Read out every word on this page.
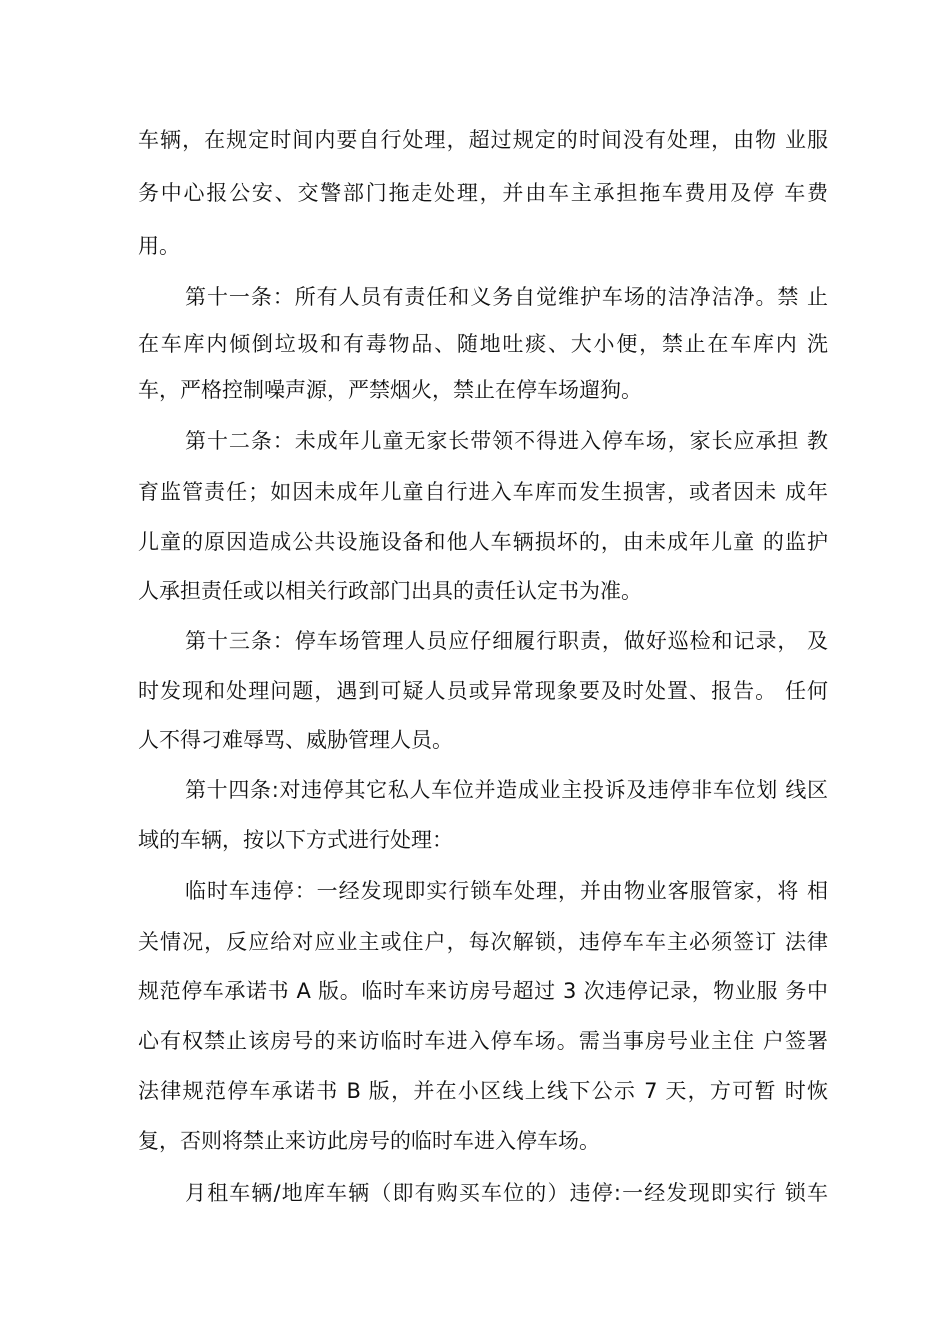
车辆，在规定时间内要自行处理，超过规定的时间没有处理，由物 业服
务中心报公安、交警部门拖走处理，并由车主承担拖车费用及停 车费
用。
第十一条：所有人员有责任和义务自觉维护车场的洁净洁净。禁 止
在车库内倾倒垃圾和有毒物品、随地吐痰、大小便，禁止在车库内 洗
车，严格控制噪声源，严禁烟火，禁止在停车场遛狗。
第十二条：未成年儿童无家长带领不得进入停车场，家长应承担 教
育监管责任；如因未成年儿童自行进入车库而发生损害，或者因未 成年
儿童的原因造成公共设施设备和他人车辆损坏的，由未成年儿童 的监护
人承担责任或以相关行政部门出具的责任认定书为准。
第十三条：停车场管理人员应仔细履行职责，做好巡检和记录， 及
时发现和处理问题，遇到可疑人员或异常现象要及时处置、报告。 任何
人不得刁难辱骂、威胁管理人员。
第十四条:对违停其它私人车位并造成业主投诉及违停非车位划 线区
域的车辆，按以下方式进行处理：
临时车违停：一经发现即实行锁车处理，并由物业客服管家，将 相
关情况，反应给对应业主或住户，每次解锁，违停车车主必须签订 法律
规范停车承诺书 A 版。临时车来访房号超过 3 次违停记录，物业服 务中
心有权禁止该房号的来访临时车进入停车场。需当事房号业主住 户签署
法律规范停车承诺书 B 版，并在小区线上线下公示 7 天，方可暂 时恢
复，否则将禁止来访此房号的临时车进入停车场。
月租车辆/地库车辆（即有购买车位的）违停:一经发现即实行 锁车
